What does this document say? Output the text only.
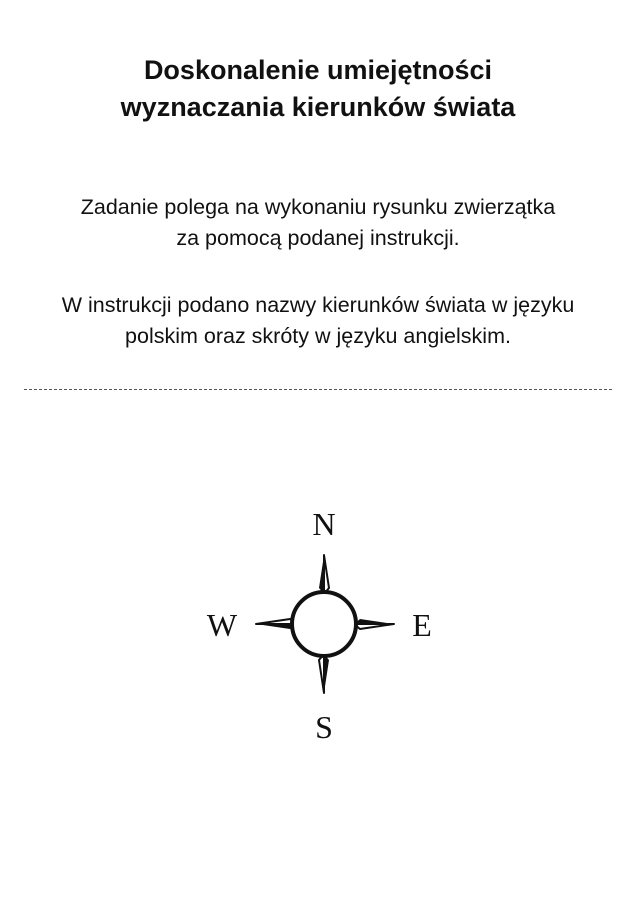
Doskonalenie umiejętności
wyznaczania kierunków świata

Zadanie polega na wykonaniu rysunku zwierzątka
za pomocą podanej instrukcji.

W instrukcji podano nazwy kierunków świata w języku
polskim oraz skróty w języku angielskim.

N
E
S
W
